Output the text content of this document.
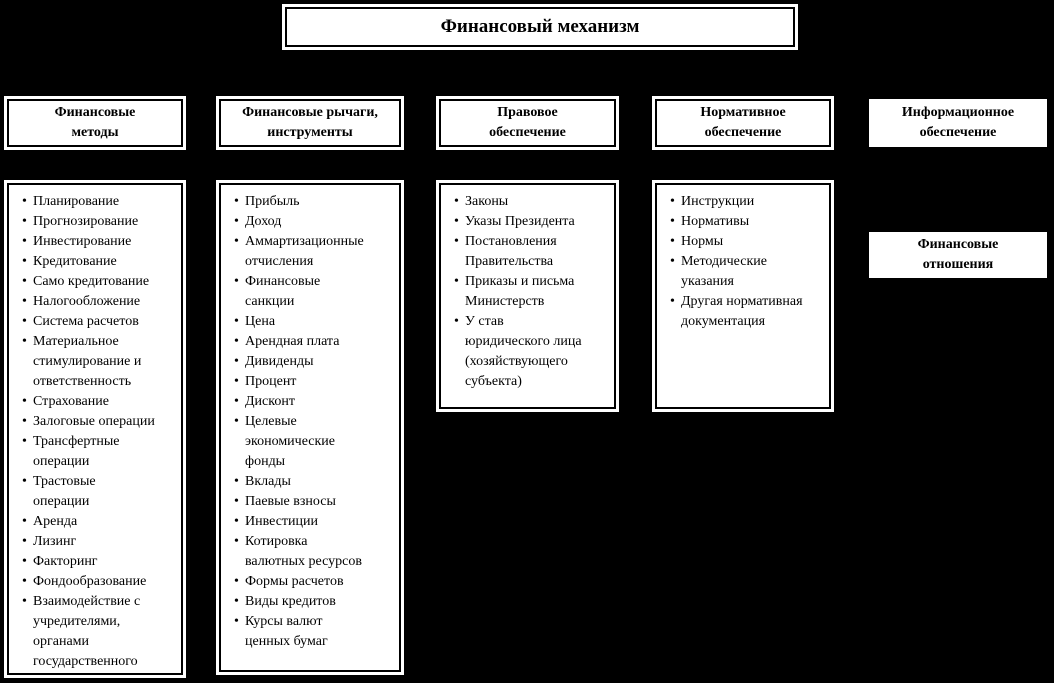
Финансовый механизм
Финансовые
методы
Финансовые рычаги,
инструменты
Правовое
обеспечение
Нормативное
обеспечение
Информационное
обеспечение
• Планирование
• Прогнозирование
• Инвестирование
• Кредитование
• Само кредитование
• Налогообложение
• Система расчетов
• Материальное
стимулирование и
ответственность
• Страхование
• Залоговые операции
• Трансфертные
операции
• Трастовые
операции
• Аренда
• Лизинг
• Факторинг
• Фондообразование
• Взаимодействие с
учредителями,
органами
государственного
• Прибыль
• Доход
• Аммартизационные
отчисления
• Финансовые
санкции
• Цена
• Арендная плата
• Дивиденды
• Процент
• Дисконт
• Целевые
экономические
фонды
• Вклады
• Паевые взносы
• Инвестиции
• Котировка
валютных ресурсов
• Формы расчетов
• Виды кредитов
• Курсы валют
ценных бумаг
• Законы
• Указы Президента
• Постановления
Правительства
• Приказы и письма
Министерств
• У став
юридического лица
(хозяйствующего
субъекта)
• Инструкции
• Нормативы
• Нормы
• Методические
указания
• Другая нормативная
документация
Финансовые
отношения
